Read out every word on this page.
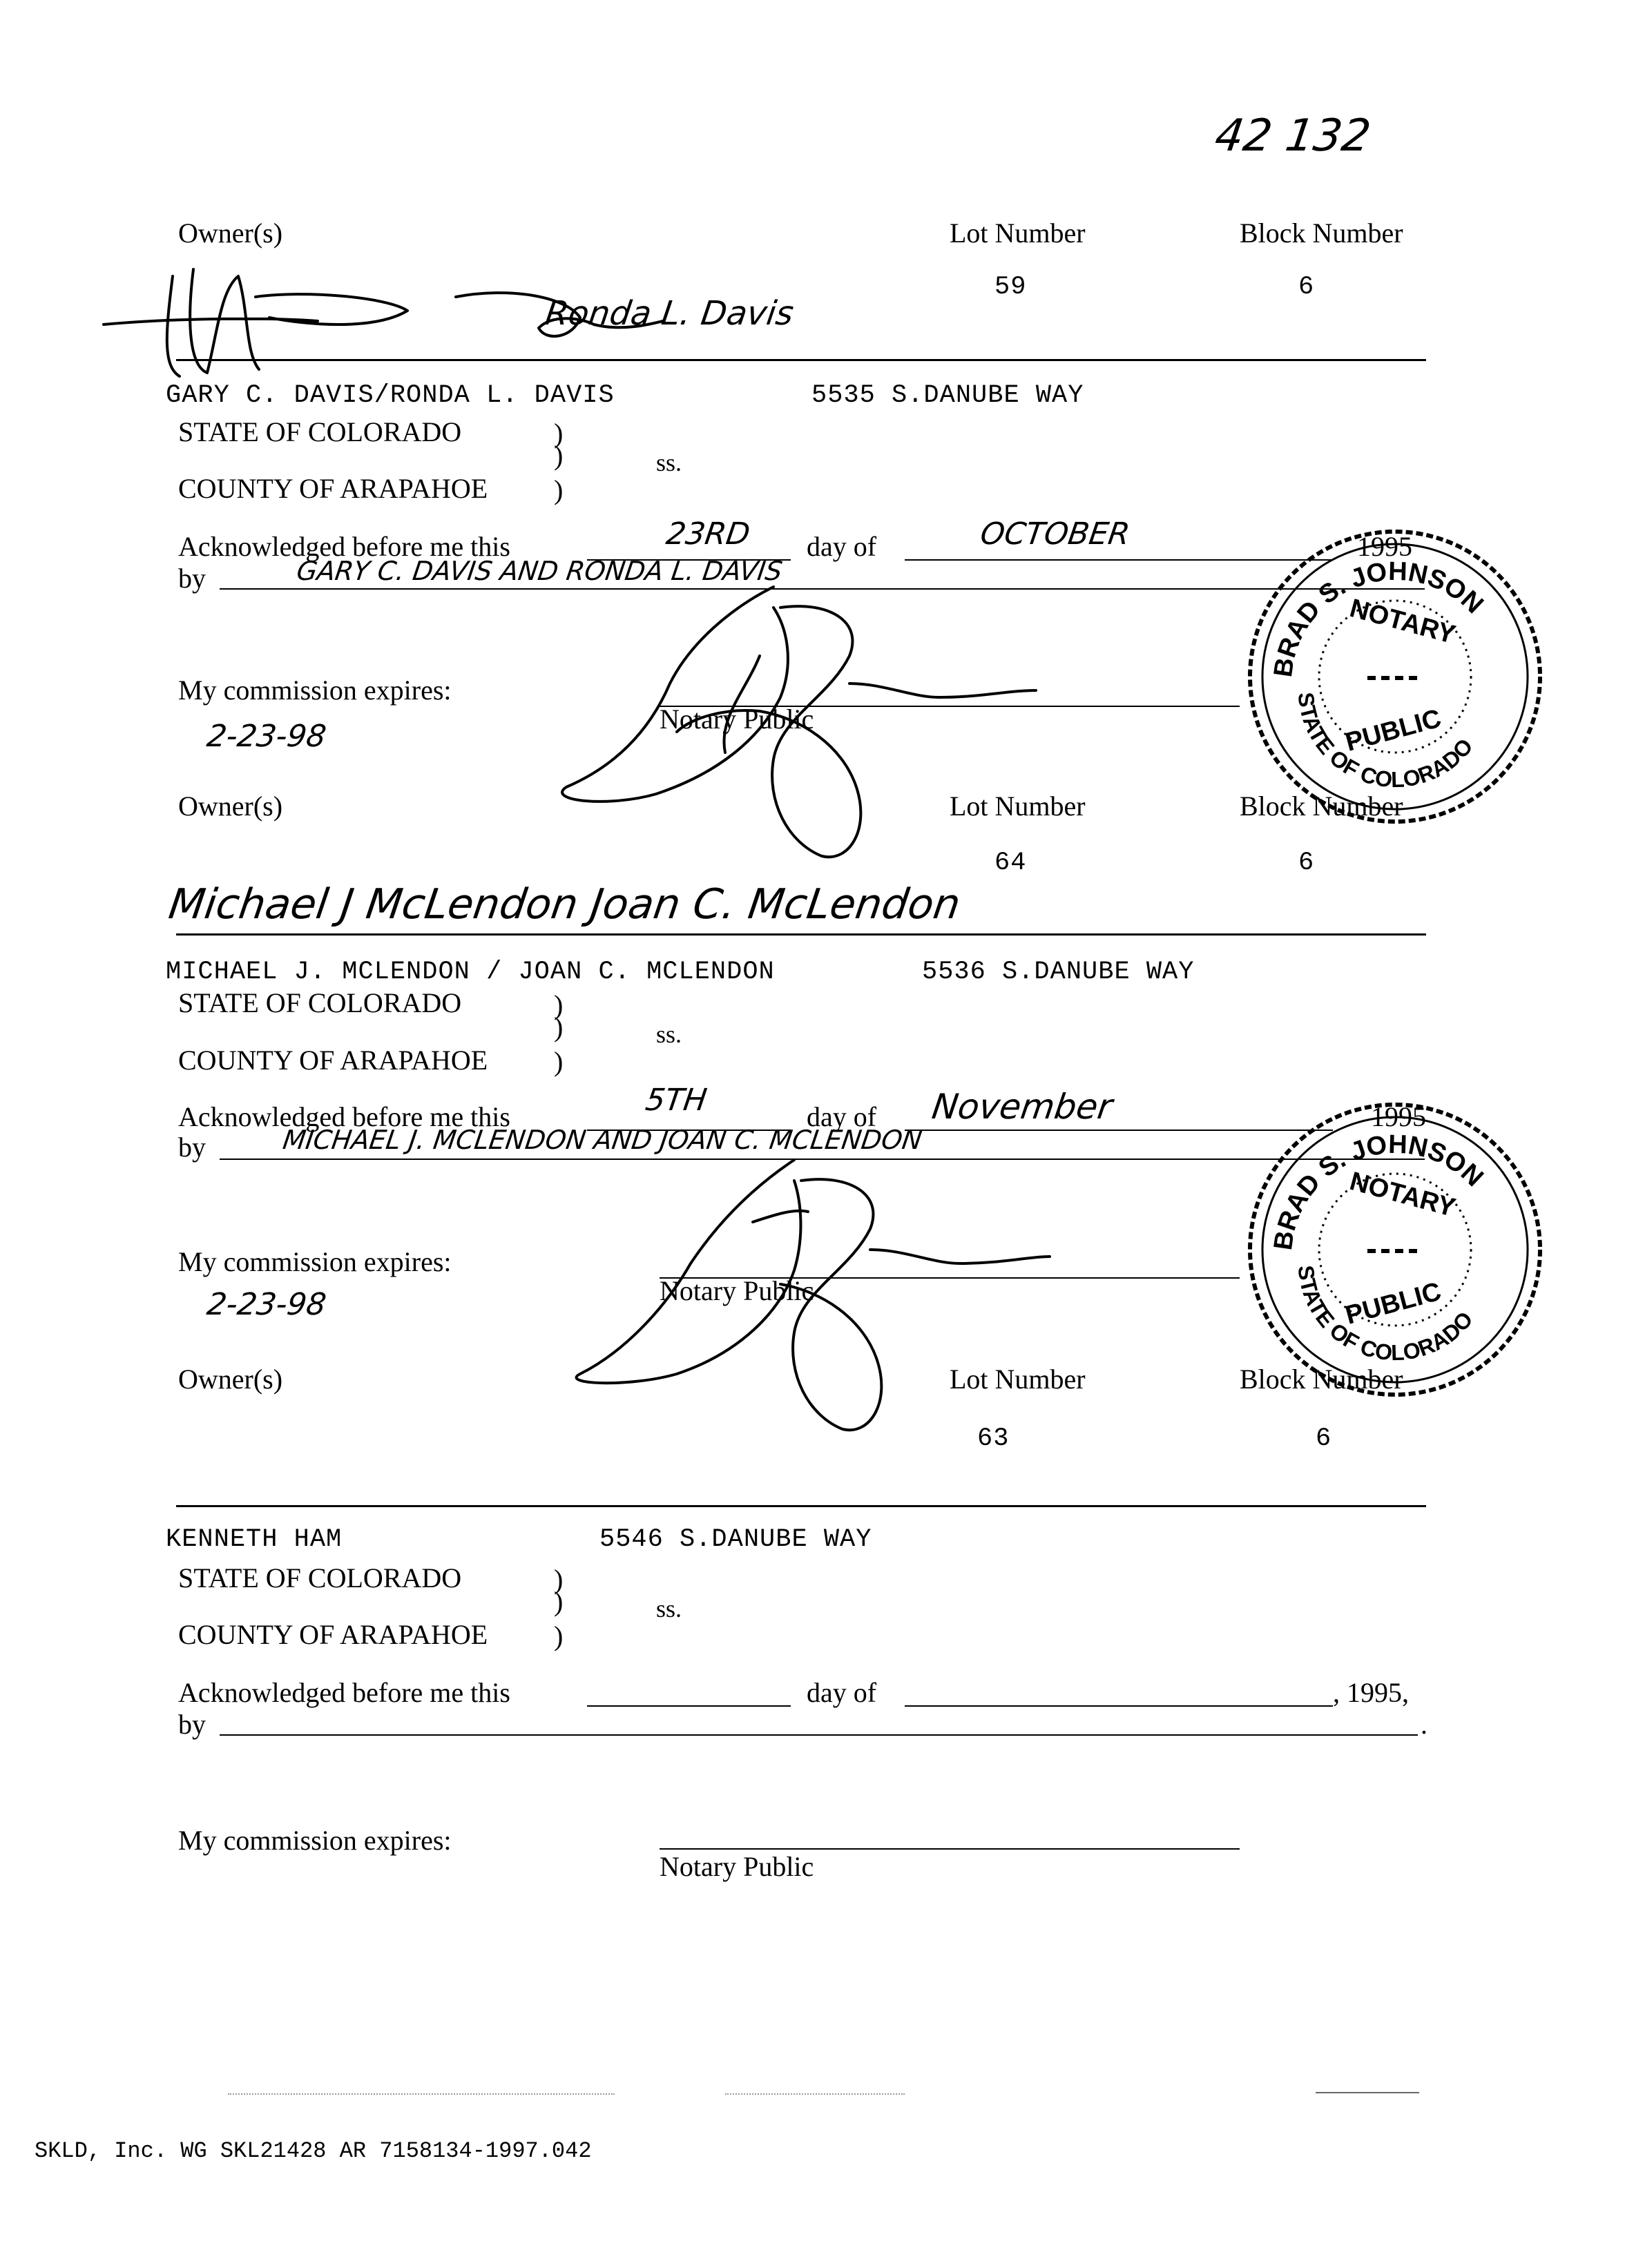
42 132
Owner(s)	Lot Number	Block Number
59	6
Ronda L. Davis
GARY C. DAVIS/RONDA L. DAVIS	5535 S.DANUBE WAY
STATE OF COLORADO	)
)	ss.
COUNTY OF ARAPAHOE )
Acknowledged before me this	23RD day of	OCTOBER	1995
by	GARY C. DAVIS AND RONDA L. DAVIS
My commission expires:
2-23-98	Notary Public
BRAD S. JOHNSON
NOTARY
PUBLIC
STATE OF COLORADO
Owner(s)	Lot Number	Block Number
64	6
Michael J McLendon Joan C. McLendon
MICHAEL J. MCLENDON / JOAN C. MCLENDON	5536 S.DANUBE WAY
STATE OF COLORADO	)
)	ss.
COUNTY OF ARAPAHOE )
Acknowledged before me this	5TH	day of November	1995
by	MICHAEL J. MCLENDON AND JOAN C. MCLENDON
My commission expires:
2-23-98	Notary Public
BRAD S. JOHNSON
NOTARY
PUBLIC
STATE OF COLORADO
Owner(s)	Lot Number	Block Number
63	6
KENNETH HAM	5546 S.DANUBE WAY
STATE OF COLORADO	)
)	ss.
COUNTY OF ARAPAHOE )
Acknowledged before me this	day of	, 1995,
by	.
My commission expires:
Notary Public
SKLD, Inc. WG SKL21428 AR 7158134-1997.042
